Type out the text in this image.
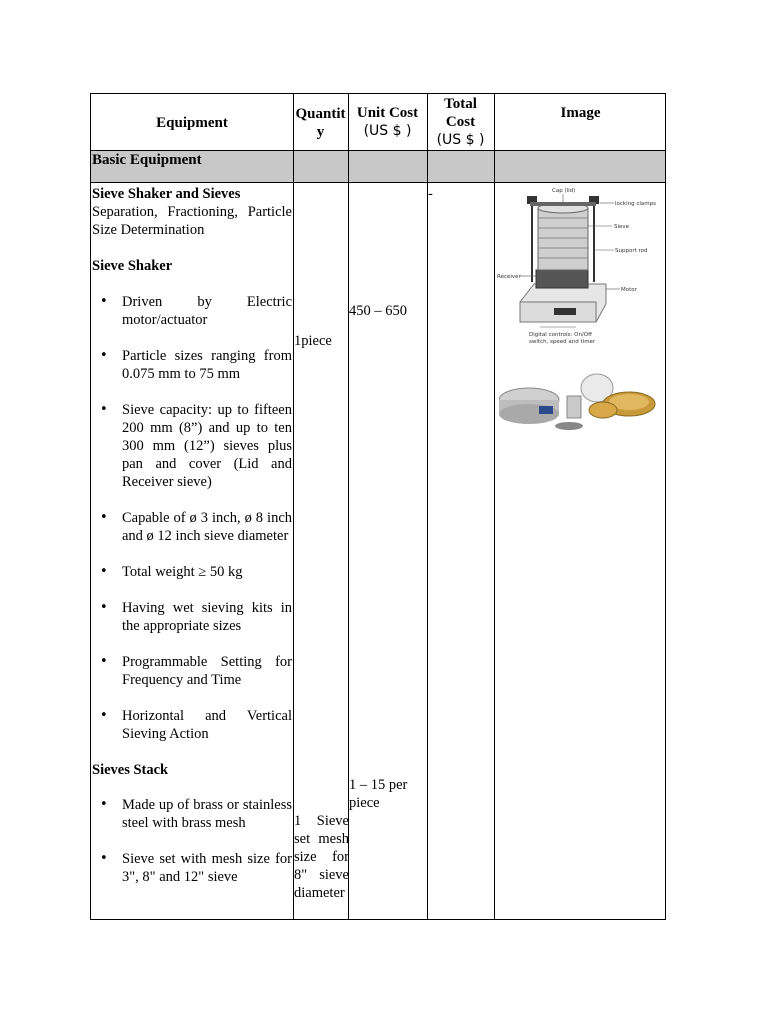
Equipment
Quantit y
Unit Cost
(US $ )
Total Cost
(US $ )
Image
Basic Equipment

Sieve Shaker and Sieves

Separation, Fractioning, Particle Size Determination

Sieve Shaker

• Driven by Electric motor/actuator
• Particle sizes ranging from 0.075 mm to 75 mm
• Sieve capacity: up to fifteen 200 mm (8”) and up to ten 300 mm (12”) sieves plus pan and cover (Lid and Receiver sieve)
• Capable of ø 3 inch, ø 8 inch and ø 12 inch sieve diameter
• Total weight ≥ 50 kg
• Having wet sieving kits in the appropriate sizes
• Programmable Setting for Frequency and Time
• Horizontal and Vertical Sieving Action

Sieves Stack

• Made up of brass or stainless steel with brass mesh
• Sieve set with mesh size for 3", 8" and 12" sieve
1piece
450 – 650
-
1 – 15 per piece
1 Sieve set mesh size for 8" sieve diameter
Cap (lid)
locking clamps
Sieve
Support rod
Receiver
Motor
Digital controls: On/Off
switch, speed and timer
